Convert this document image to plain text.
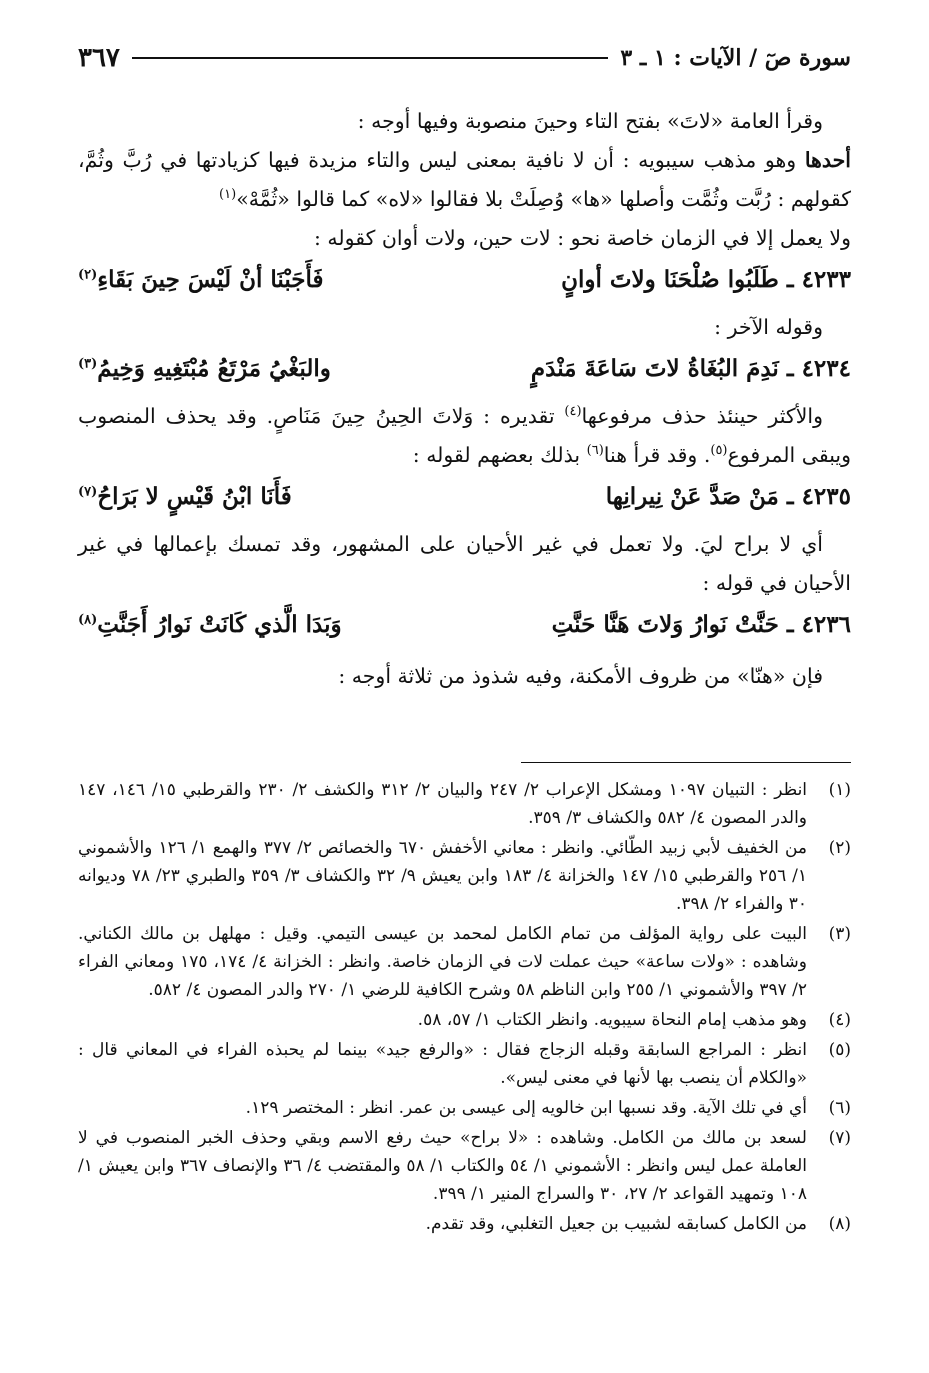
سورة صٓ / الآيات : ١ ـ ٣
٣٦٧

وقرأ العامة «لاتَ» بفتح التاء وحينَ منصوبة وفيها أوجه :

أحدها وهو مذهب سيبويه : أن لا نافية بمعنى ليس والتاء مزيدة فيها كزيادتها في رُبَّ وثُمَّ، كقولهم : رُبَّت وثُمَّت وأصلها «ها» وُصِلَتْ بلا فقالوا «لاه» كما قالوا «ثُمَّهْ»$^{(١)}$

ولا يعمل إلا في الزمان خاصة نحو : لات حين، ولات أوان كقوله :

٤٢٣٣ ـ
طَلَبُوا صُلْحَنَا ولاتَ أوانٍ
فَأَجَبْنَا أنْ لَيْسَ حِينَ بَقَاءِ$^{(٢)}$

وقوله الآخر :

٤٢٣٤ ـ
نَدِمَ البُغَاةُ لاتَ سَاعَةَ مَنْدَمٍ
والبَغْيُ مَرْتَعُ مُبْتَغِيهِ وَخِيمُ$^{(٣)}$

والأكثر حينئذ حذف مرفوعها$^{(٤)}$ تقديره : وَلاتَ الحِينُ حِينَ مَنَاصٍ. وقد يحذف المنصوب ويبقى المرفوع$^{(٥)}$. وقد قرأ هنا$^{(٦)}$ بذلك بعضهم لقوله :

٤٢٣٥ ـ
مَنْ صَدَّ عَنْ نِيرانِها
فَأَنَا ابْنُ قَيْسٍ لا بَرَاحُ$^{(٧)}$

أي لا براح ليَ. ولا تعمل في غير الأحيان على المشهور، وقد تمسك بإعمالها في غير الأحيان في قوله :

٤٢٣٦ ـ
حَنَّتْ نَوارُ وَلاتَ هَنَّا حَنَّتِ
وَبَدَا الَّذي كَانَتْ نَوارُ أَجَنَّتِ$^{(٨)}$

فإن «هنّا» من ظروف الأمكنة، وفيه شذوذ من ثلاثة أوجه :

(١)
انظر : التبيان ١٠٩٧ ومشكل الإعراب ٢/ ٢٤٧ والبيان ٢/ ٣١٢ والكشف ٢/ ٢٣٠ والقرطبي ١٥/ ١٤٦، ١٤٧ والدر المصون ٤/ ٥٨٢ والكشاف ٣/ ٣٥٩.
(٢)
من الخفيف لأبي زبيد الطّائي. وانظر : معاني الأخفش ٦٧٠ والخصائص ٢/ ٣٧٧ والهمع ١/ ١٢٦ والأشموني ١/ ٢٥٦ والقرطبي ١٥/ ١٤٧ والخزانة ٤/ ١٨٣ وابن يعيش ٩/ ٣٢ والكشاف ٣/ ٣٥٩ والطبري ٢٣/ ٧٨ وديوانه ٣٠ والفراء ٢/ ٣٩٨.
(٣)
البيت على رواية المؤلف من تمام الكامل لمحمد بن عيسى التيمي. وقيل : مهلهل بن مالك الكناني. وشاهده : «ولات ساعة» حيث عملت لات في الزمان خاصة. وانظر : الخزانة ٤/ ١٧٤، ١٧٥ ومعاني الفراء ٢/ ٣٩٧ والأشموني ١/ ٢٥٥ وابن الناظم ٥٨ وشرح الكافية للرضي ١/ ٢٧٠ والدر المصون ٤/ ٥٨٢.
(٤)
وهو مذهب إمام النحاة سيبويه. وانظر الكتاب ١/ ٥٧، ٥٨.
(٥)
انظر : المراجع السابقة وقبله الزجاج فقال : «والرفع جيد» بينما لم يحبذه الفراء في المعاني قال : «والكلام أن ينصب بها لأنها في معنى ليس».
(٦)
أي في تلك الآية. وقد نسبها ابن خالويه إلى عيسى بن عمر. انظر : المختصر ١٢٩.
(٧)
لسعد بن مالك من الكامل. وشاهده : «لا براح» حيث رفع الاسم وبقي وحذف الخبر المنصوب في لا العاملة عمل ليس وانظر : الأشموني ١/ ٥٤ والكتاب ١/ ٥٨ والمقتضب ٤/ ٣٦ والإنصاف ٣٦٧ وابن يعيش ١/ ١٠٨ وتمهيد القواعد ٢/ ٢٧، ٣٠ والسراج المنير ١/ ٣٩٩.
(٨)
من الكامل كسابقه لشبيب بن جعيل التغلبي، وقد تقدم.
